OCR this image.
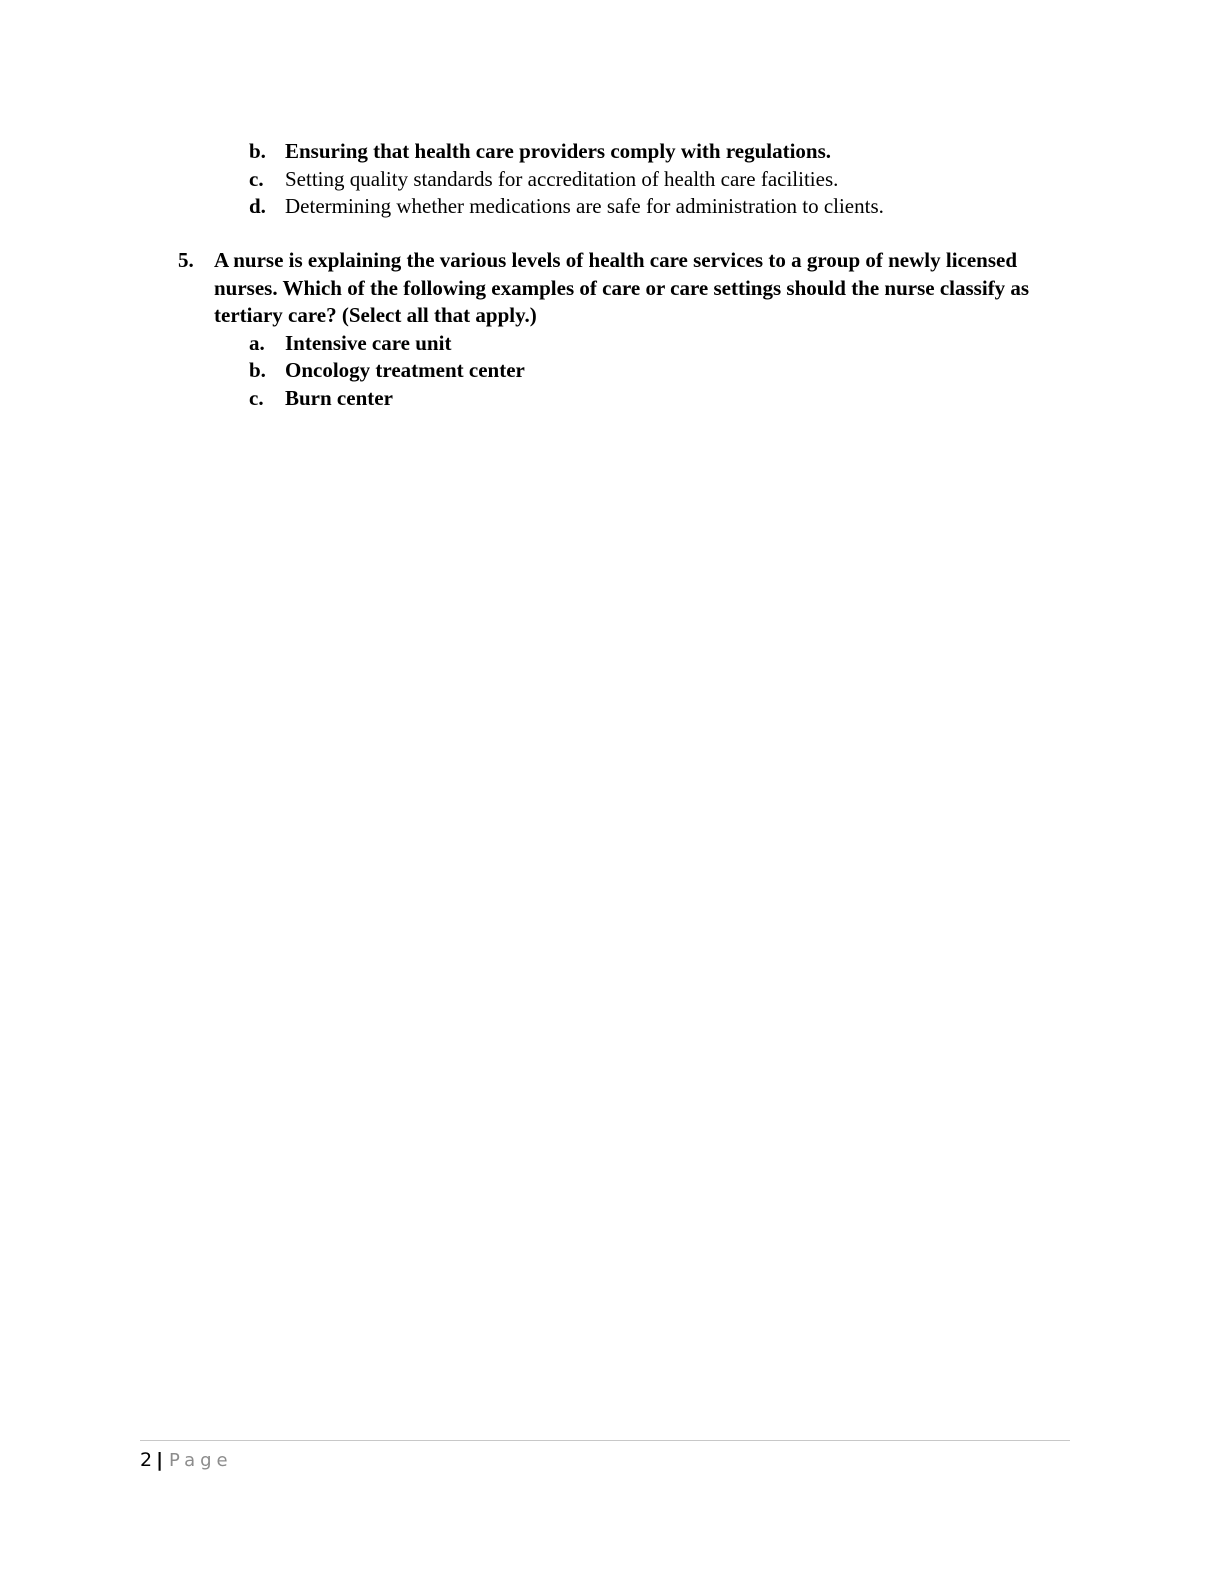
b. Ensuring that health care providers comply with regulations.
c. Setting quality standards for accreditation of health care facilities.
d. Determining whether medications are safe for administration to clients.
5. A nurse is explaining the various levels of health care services to a group of newly licensed nurses. Which of the following examples of care or care settings should the nurse classify as tertiary care? (Select all that apply.)
a. Intensive care unit
b. Oncology treatment center
c. Burn center
2 | Page
